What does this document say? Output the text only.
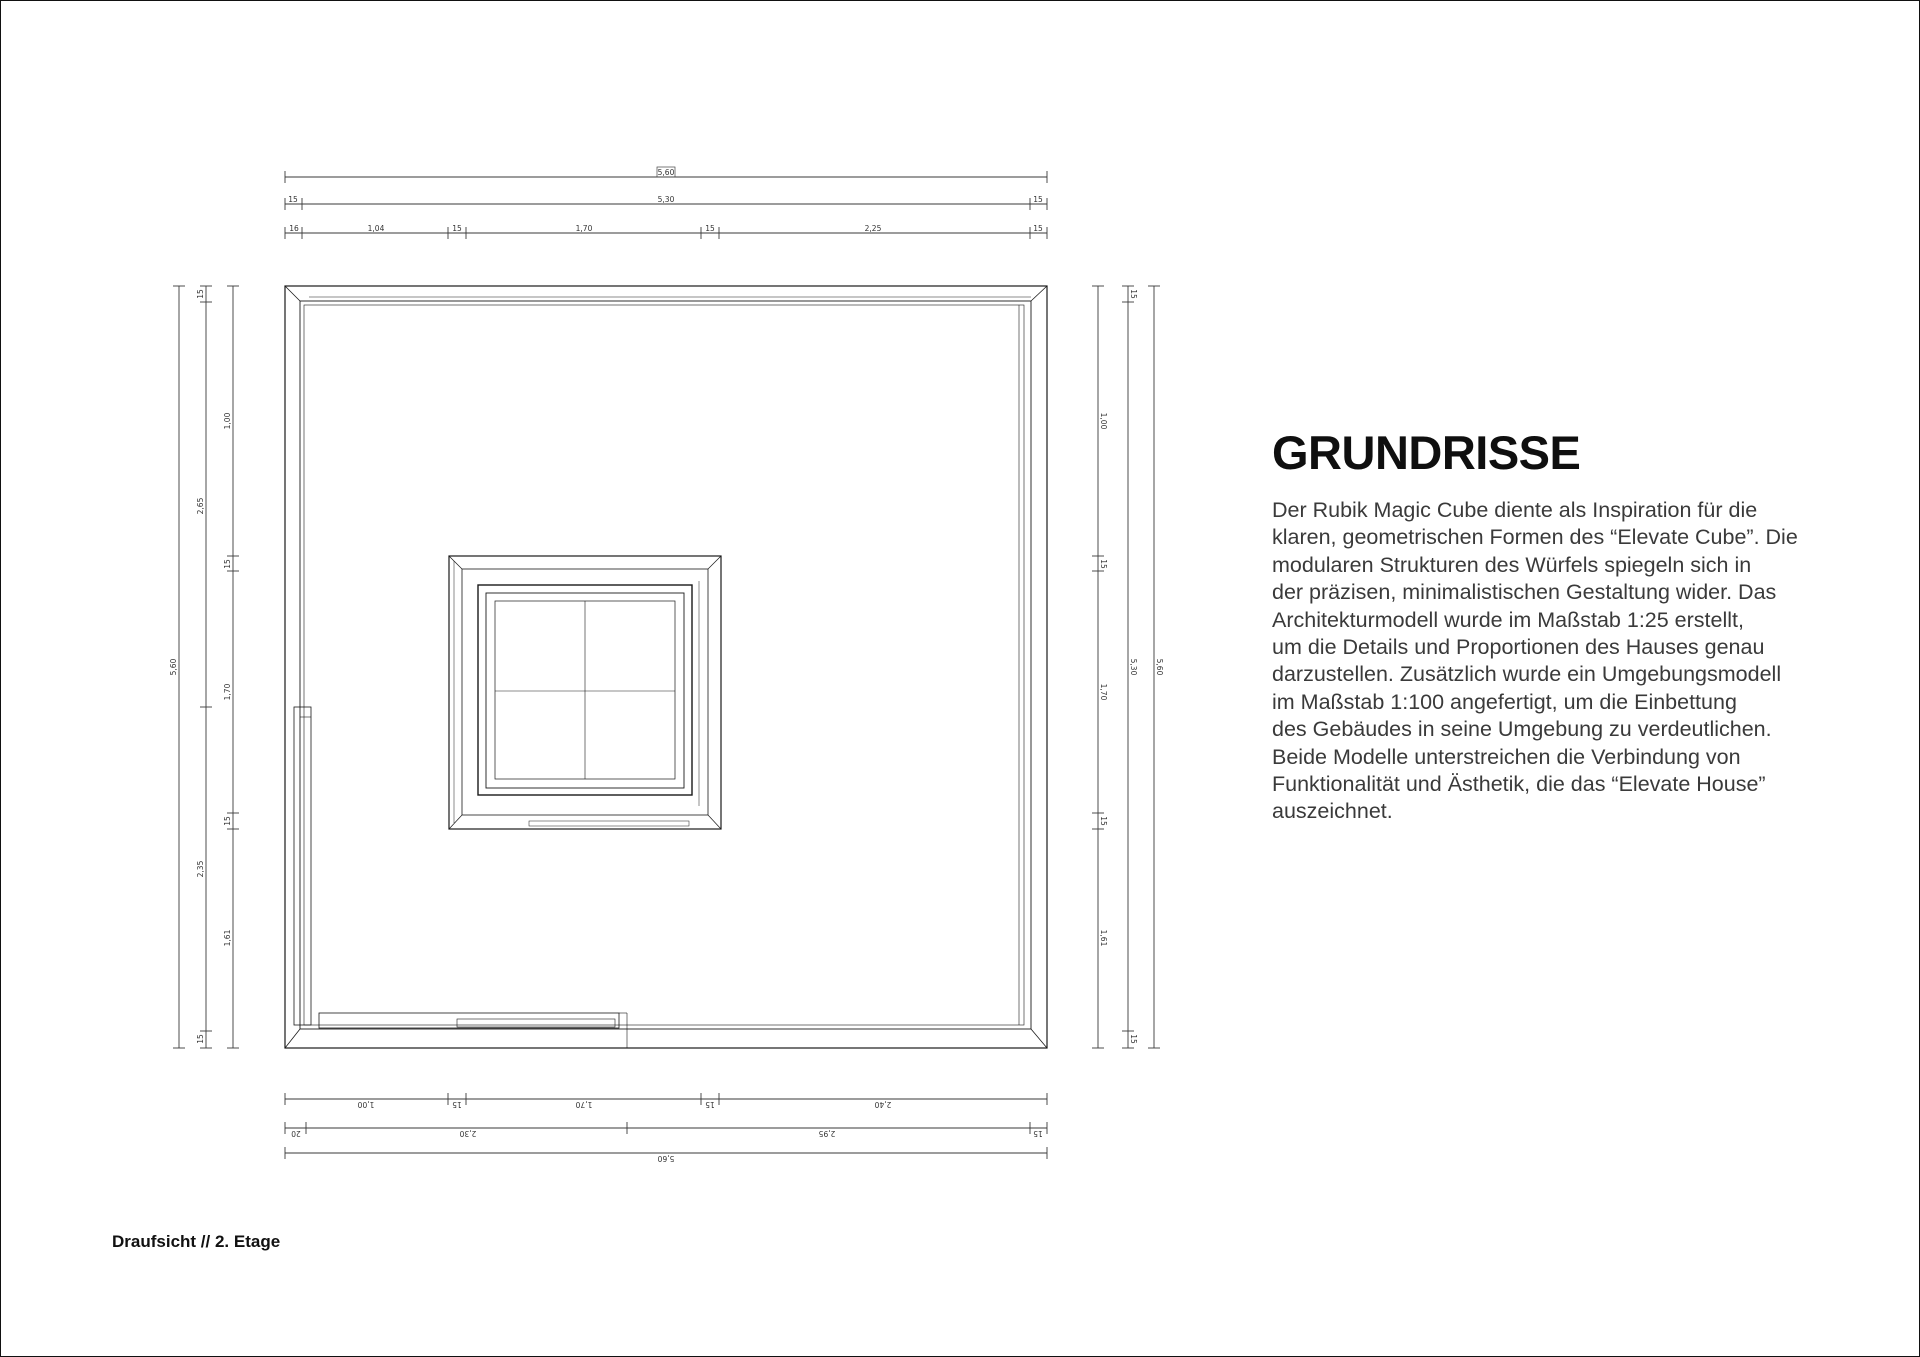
5,60
15	5,30	15
16	1,04	15	1,70	15	2,25	15
1,00	15	1,70	15	2,40
20	2,30	2,95	15
5,60
5,60
15
2,65
2,35
15
1,00
15
1,70
15
1,61
1,00
15
1,70
15
1,61
15
5,30
15
5,60
GRUNDRISSE
Der Rubik Magic Cube diente als Inspiration für die
klaren, geometrischen Formen des “Elevate Cube”. Die
modularen Strukturen des Würfels spiegeln sich in
der präzisen, minimalistischen Gestaltung wider. Das
Architekturmodell wurde im Maßstab 1:25 erstellt,
um die Details und Proportionen des Hauses genau
darzustellen. Zusätzlich wurde ein Umgebungsmodell
im Maßstab 1:100 angefertigt, um die Einbettung
des Gebäudes in seine Umgebung zu verdeutlichen.
Beide Modelle unterstreichen die Verbindung von
Funktionalität und Ästhetik, die das “Elevate House”
auszeichnet.
Draufsicht // 2. Etage
